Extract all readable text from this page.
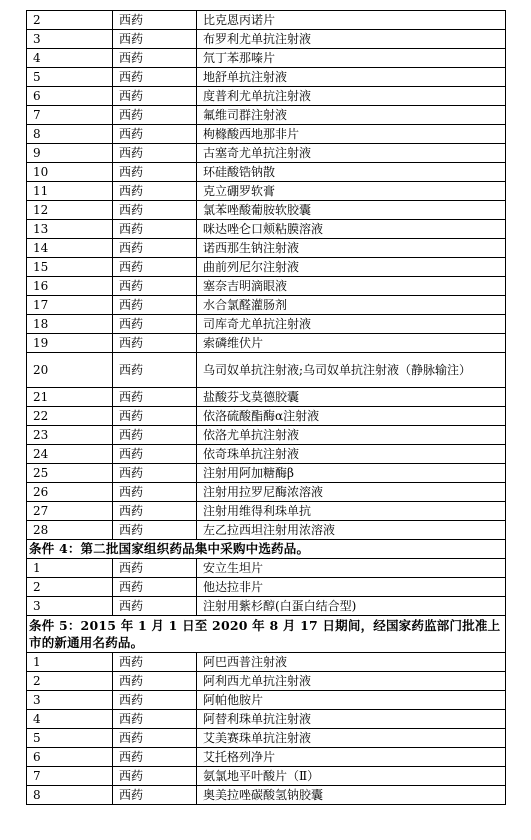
2	西药	比克恩丙诺片
3	西药	布罗利尤单抗注射液
4	西药	氘丁苯那嗪片
5	西药	地舒单抗注射液
6	西药	度普利尤单抗注射液
7	西药	氟维司群注射液
8	西药	枸橼酸西地那非片
9	西药	古塞奇尤单抗注射液
10	西药	环硅酸锆钠散
11	西药	克立硼罗软膏
12	西药	氯苯唑酸葡胺软胶囊
13	西药	咪达唑仑口颊粘膜溶液
14	西药	诺西那生钠注射液
15	西药	曲前列尼尔注射液
16	西药	塞奈吉明滴眼液
17	西药	水合氯醛灌肠剂
18	西药	司库奇尤单抗注射液
19	西药	索磷维伏片
20	西药	乌司奴单抗注射液;乌司奴单抗注射液（静脉输注）
21	西药	盐酸芬戈莫德胶囊
22	西药	依洛硫酸酯酶α注射液
23	西药	依洛尤单抗注射液
24	西药	依奇珠单抗注射液
25	西药	注射用阿加糖酶β
26	西药	注射用拉罗尼酶浓溶液
27	西药	注射用维得利珠单抗
28	西药	左乙拉西坦注射用浓溶液
条件 4：第二批国家组织药品集中采购中选药品。		
1	西药	安立生坦片
2	西药	他达拉非片
3	西药	注射用紫杉醇(白蛋白结合型)
条件 5：2015 年 1 月 1 日至 2020 年 8 月 17 日期间，经国家药监部门批准上市的新通用名药品。		
1	西药	阿巴西普注射液
2	西药	阿利西尤单抗注射液
3	西药	阿帕他胺片
4	西药	阿替利珠单抗注射液
5	西药	艾美赛珠单抗注射液
6	西药	艾托格列净片
7	西药	氨氯地平叶酸片（Ⅱ）
8	西药	奥美拉唑碳酸氢钠胶囊
